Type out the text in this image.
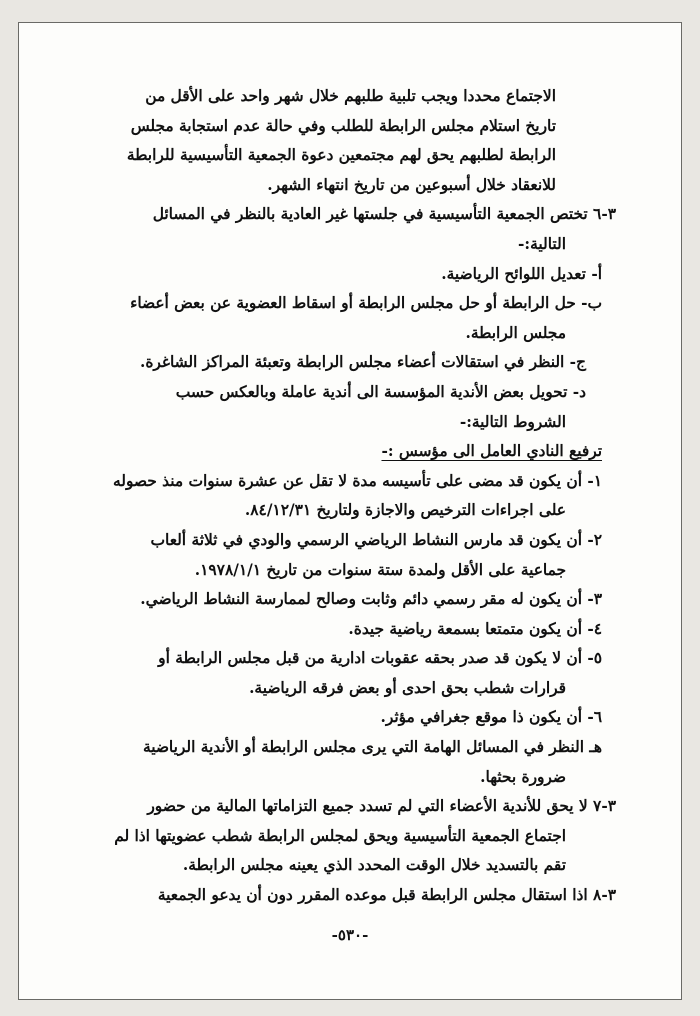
الاجتماع محددا ويجب تلبية طلبهم خلال شهر واحد على الأقل من
تاريخ استلام مجلس الرابطة للطلب وفي حالة عدم استجابة مجلس
الرابطة لطلبهم يحق لهم مجتمعين دعوة الجمعية التأسيسية للرابطة
للانعقاد خلال أسبوعين من تاريخ انتهاء الشهر.
٣-٦ تختص الجمعية التأسيسية في جلستها غير العادية بالنظر في المسائل
التالية:-
أ- تعديل اللوائح الرياضية.
ب- حل الرابطة أو حل مجلس الرابطة أو اسقاط العضوية عن بعض أعضاء
مجلس الرابطة.
ج- النظر في استقالات أعضاء مجلس الرابطة وتعبئة المراكز الشاغرة.
د- تحويل بعض الأندية المؤسسة الى أندية عاملة وبالعكس حسب
الشروط التالية:-
ترفيع النادي العامل الى مؤسس :-
١- أن يكون قد مضى على تأسيسه مدة لا تقل عن عشرة سنوات منذ حصوله
على اجراءات الترخيص والاجازة ولتاريخ ٨٤/١٢/٣١.
٢- أن يكون قد مارس النشاط الرياضي الرسمي والودي في ثلاثة ألعاب
جماعية على الأقل ولمدة ستة سنوات من تاريخ ١٩٧٨/١/١.
٣- أن يكون له مقر رسمي دائم وثابت وصالح لممارسة النشاط الرياضي.
٤- أن يكون متمتعا بسمعة رياضية جيدة.
٥- أن لا يكون قد صدر بحقه عقوبات ادارية من قبل مجلس الرابطة أو
قرارات شطب بحق احدى أو بعض فرقه الرياضية.
٦- أن يكون ذا موقع جغرافي مؤثر.
هـ النظر في المسائل الهامة التي يرى مجلس الرابطة أو الأندية الرياضية
ضرورة بحثها.
٣-٧ لا يحق للأندية الأعضاء التي لم تسدد جميع التزاماتها المالية من حضور
اجتماع الجمعية التأسيسية ويحق لمجلس الرابطة شطب عضويتها اذا لم
تقم بالتسديد خلال الوقت المحدد الذي يعينه مجلس الرابطة.
٣-٨ اذا استقال مجلس الرابطة قبل موعده المقرر دون أن يدعو الجمعية
-٥٣٠-
